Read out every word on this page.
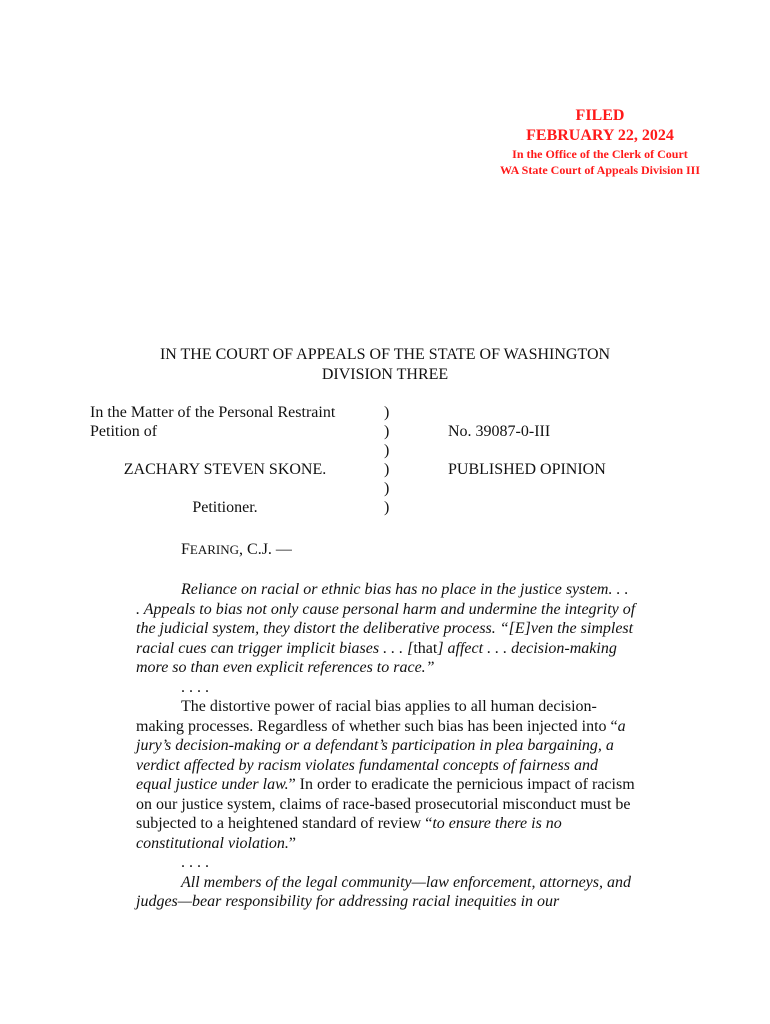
FILED
FEBRUARY 22, 2024
In the Office of the Clerk of Court
WA State Court of Appeals Division III
IN THE COURT OF APPEALS OF THE STATE OF WASHINGTON
DIVISION THREE
In the Matter of the Personal Restraint
Petition of
ZACHARY STEVEN SKONE.
Petitioner.
)
)
)
)
)
)
No. 39087-0-III
PUBLISHED OPINION
FEARING, C.J. —

Reliance on racial or ethnic bias has no place in the justice system. . . . Appeals to bias not only cause personal harm and undermine the integrity of the judicial system, they distort the deliberative process. “[E]ven the simplest racial cues can trigger implicit biases . . . [that] affect . . . decision-making more so than even explicit references to race.”

. . . .

The distortive power of racial bias applies to all human decision-making processes. Regardless of whether such bias has been injected into “a jury’s decision-making or a defendant’s participation in plea bargaining, a verdict affected by racism violates fundamental concepts of fairness and equal justice under law.” In order to eradicate the pernicious impact of racism on our justice system, claims of race-based prosecutorial misconduct must be subjected to a heightened standard of review “to ensure there is no constitutional violation.”

. . . .

All members of the legal community—law enforcement, attorneys, and judges—bear responsibility for addressing racial inequities in our
